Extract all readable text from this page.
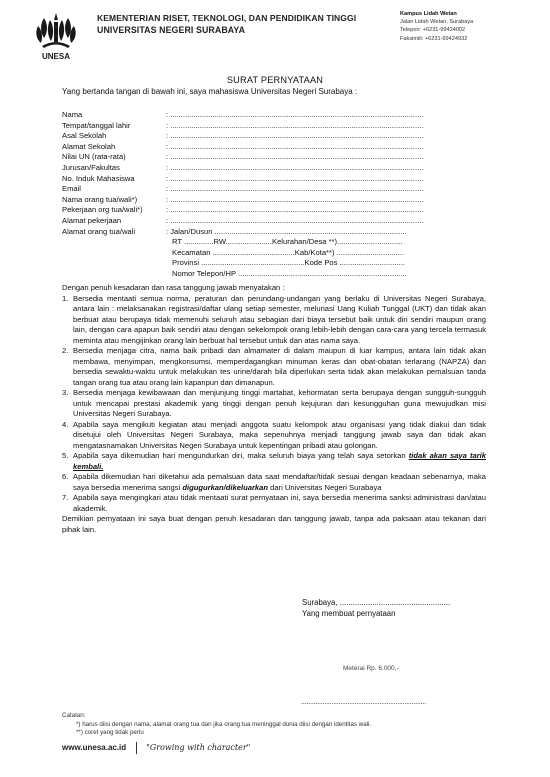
UNESA
KEMENTERIAN RISET, TEKNOLOGI, DAN PENDIDIKAN TINGGI
UNIVERSITAS NEGERI SURABAYA
Kampus Lidah Wetan
Jalan Lidah Wetan, Surabaya
Telepon: +6231-99424002
Faksimili: +6231-99424932
SURAT PERNYATAAN
Yang bertanda tangan di bawah ini, saya mahasiswa Universitas Negeri Surabaya :
Nama	: ........................................................................................................................
Tempat/tanggal lahir	: ........................................................................................................................
Asal Sekolah	: ........................................................................................................................
Alamat Sekolah	: ........................................................................................................................
Nilai UN (rata-rata)	: ........................................................................................................................
Jurusan/Fakultas	: ........................................................................................................................
No. Induk Mahasiswa	: ........................................................................................................................
Email	: ........................................................................................................................
Nama orang tua/wali*)	: ........................................................................................................................
Pekerjaan org tua/wali*)	: ........................................................................................................................
Alamat pekerjaan	: ........................................................................................................................
Alamat orang tua/wali	: Jalan/Dusun ...........................................................................................
RT ..............RW......................Kelurahan/Desa **)...............................
Kecamatan .......................................Kab/Kota**) ................................
Provinsi .................................................Kode Pos ...............................
Nomor Telepon/HP ................................................................................

Dengan penuh kesadaran dan rasa tanggung jawab menyatakan :

1. Bersedia mentaati semua norma, peraturan dan perundang-undangan yang berlaku di Universitas Negeri Surabaya, antara lain : melaksanakan registrasi/daftar ulang setiap semester, melunasi Uang Kuliah Tunggal (UKT) dan tidak akan berbuat atau berupaya tidak memenuhi seluruh atau sebagian dari biaya tersebut baik untuk diri sendiri maupun orang lain, dengan cara apapun baik sendiri atau dengan sekelompok orang lebih-lebih dengan cara-cara yang tercela termasuk meminta atau mengijinkan orang lain berbuat hal tersebut untuk dan atas nama saya.
2. Bersedia menjaga citra, nama baik pribadi dan almamater di dalam maupun di luar kampus, antara lain tidak akan membawa, menyimpan, mengkonsumsi, memperdagangkan minuman keras dan obat-obatan terlarang (NAPZA) dan bersedia sewaktu-waktu untuk melakukan tes urine/darah bila diperlukan serta tidak akan melakukan pemalsuan tanda tangan orang tua atau orang lain kapanpun dan dimanapun.
3. Bersedia menjaga kewibawaan dan menjunjung tinggi martabat, kehormatan serta berupaya dengan sungguh-sungguh untuk mencapai prestasi akademik yang tinggi dengan penuh kejujuran dan kesungguhan guna mewujudkan misi Universitas Negeri Surabaya.
4. Apabila saya mengikuti kegiatan atau menjadi anggota suatu kelompok atau organisasi yang tidak diakui dan tidak disetujui oleh Universitas Negeri Surabaya, maka sepenuhnya menjadi tanggung jawab saya dan tidak akan mengatasnamakan Universitas Negeri Surabaya untuk kepentingan pribadi atau golongan.
5. Apabila saya dikemudian hari mengundurkan diri, maka seluruh biaya yang telah saya setorkan tidak akan saya tarik kembali.
6. Apabila dikemudian hari diketahui ada pemalsuan data saat mendaftar/tidak sesuai dengan keadaan sebenarnya, maka saya bersedia menerima sangsi digugurkan/dikeluarkan dari Universitas Negeri Surabaya
7. Apabila saya mengingkari atau tidak mentaati surat pernyataan ini, saya bersedia menerima sanksi administrasi dan/atau akademik.

Demikian pernyataan ini saya buat dengan penuh kesadaran dan tanggung jawab, tanpa ada paksaan atau tekanan dari pihak lain.

Surabaya, ...................................................
Yang membuat pernyataan
Meterai Rp. 6.000,-
......................................................................
Catatan:
*) harus diisi dengan nama, alamat orang tua dan jika orang tua meninggal dunia diisi dengan identitas wali.
**) coret yang tidak perlu
www.unesa.ac.id	"Growing with character"
